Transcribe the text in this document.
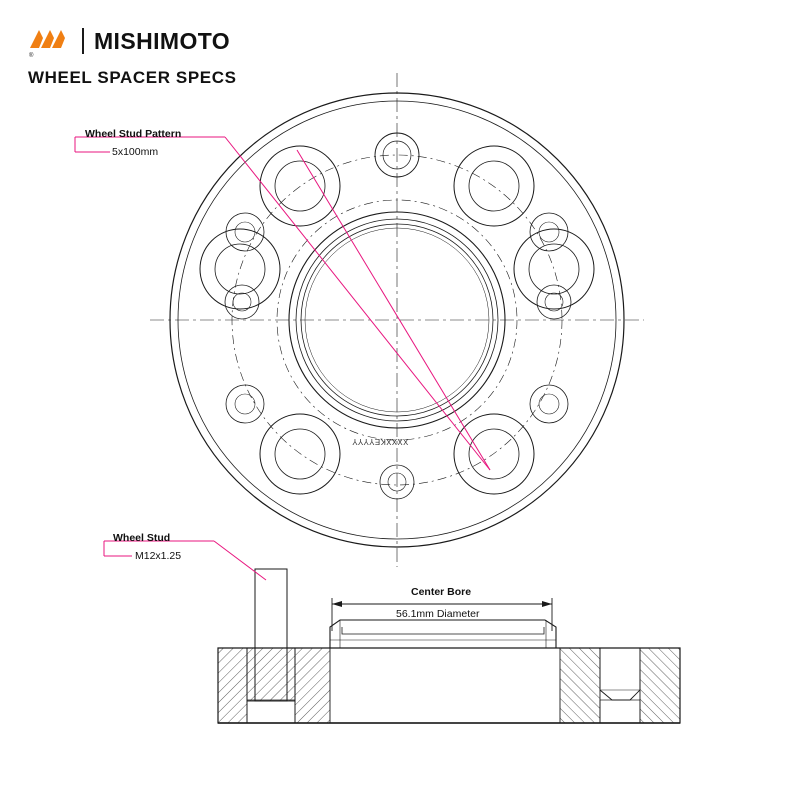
®
MISHIMOTO
WHEEL SPACER SPECS
Wheel Stud Pattern
5x100mm
Wheel Stud
M12x1.25
Center Bore
56.1mm Diameter
XXXXKEYYYY
